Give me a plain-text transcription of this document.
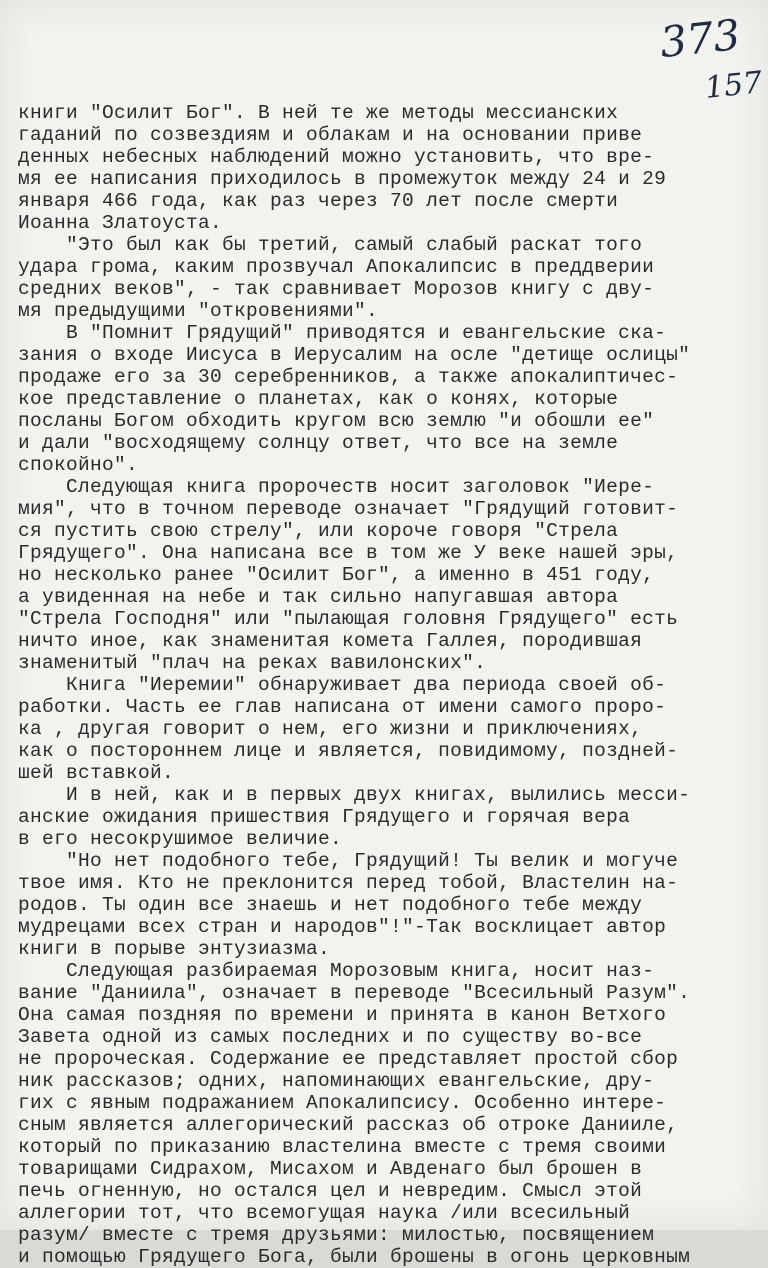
373
157
книги "Осилит Бог". В ней те же методы мессианских
гаданий по созвездиям и облакам и на основании приве
денных небесных наблюдений можно установить, что вре-
мя ее написания приходилось в промежуток между 24 и 29
января 466 года, как раз через 70 лет после смерти
Иоанна Златоуста.
"Это был как бы третий, самый слабый раскат того
удара грома, каким прозвучал Апокалипсис в преддверии
средних веков", - так сравнивает Морозов книгу с дву-
мя предыдущими "откровениями".
В "Помнит Грядущий" приводятся и евангельские ска-
зания о входе Иисуса в Иерусалим на осле "детище ослицы"
продаже его за 30 серебренников, а также апокалиптичес-
кое представление о планетах, как о конях, которые
посланы Богом обходить кругом всю землю "и обошли ее"
и дали "восходящему солнцу ответ, что все на земле
спокойно".
Следующая книга пророчеств носит заголовок "Иере-
мия", что в точном переводе означает "Грядущий готовит-
ся пустить свою стрелу", или короче говоря "Стрела
Грядущего". Она написана все в том же У веке нашей эры,
но несколько ранее "Осилит Бог", а именно в 451 году,
а увиденная на небе и так сильно напугавшая автора
"Стрела Господня" или "пылающая головня Грядущего" есть
ничто иное, как знаменитая комета Галлея, породившая
знаменитый "плач на реках вавилонских".
Книга "Иеремии" обнаруживает два периода своей об-
работки. Часть ее глав написана от имени самого проро-
ка , другая говорит о нем, его жизни и приключениях,
как о постороннем лице и является, повидимому, поздней-
шей вставкой.
И в ней, как и в первых двух книгах, вылились месси-
анские ожидания пришествия Грядущего и горячая вера
в его несокрушимое величие.
"Но нет подобного тебе, Грядущий! Ты велик и могуче
твое имя. Кто не преклонится перед тобой, Властелин на-
родов. Ты один все знаешь и нет подобного тебе между
мудрецами всех стран и народов"!"-Так восклицает автор
книги в порыве энтузиазма.
Следующая разбираемая Морозовым книга, носит наз-
вание "Даниила", означает в переводе "Всесильный Разум".
Она самая поздняя по времени и принята в канон Ветхого
Завета одной из самых последних и по существу во-все
не пророческая. Содержание ее представляет простой сбор
ник рассказов; одних, напоминающих евангельские, дру-
гих с явным подражанием Апокалипсису. Особенно интере-
сным является аллегорический рассказ об отроке Данииле,
который по приказанию властелина вместе с тремя своими
товарищами Сидрахом, Мисахом и Авденаго был брошен в
печь огненную, но остался цел и невредим. Смысл этой
аллегории тот, что всемогущая наука /или всесильный
разум/ вместе с тремя друзьями: милостью, посвящением
и помощью Грядущего Бога, были брошены в огонь церковным
